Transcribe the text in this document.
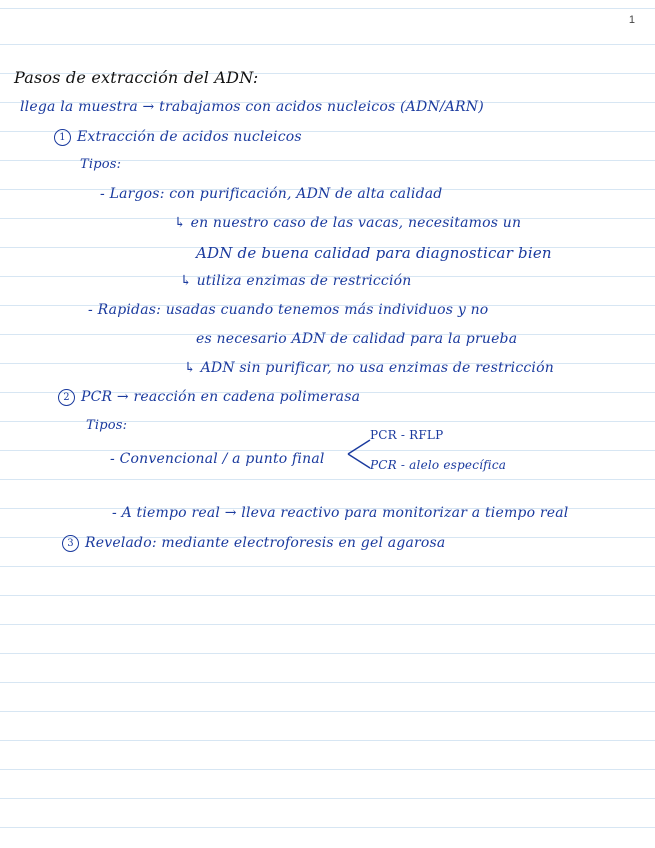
1
Pasos de extracción del ADN:
llega la muestra → trabajamos con acidos nucleicos (ADN/ARN)
1 Extracción de acidos nucleicos
Tipos:
- Largos: con purificación, ADN de alta calidad
↳ en nuestro caso de las vacas, necesitamos un
ADN de buena calidad para diagnosticar bien
↳ utiliza enzimas de restricción
- Rapidas: usadas cuando tenemos más individuos y no
es necesario ADN de calidad para la prueba
↳ ADN sin purificar, no usa enzimas de restricción
2 PCR → reacción en cadena polimerasa
Tipos:
- Convencional / a punto final
PCR - RFLP
PCR - alelo específica
- A tiempo real → lleva reactivo para monitorizar a tiempo real
3 Revelado: mediante electroforesis en gel agarosa
